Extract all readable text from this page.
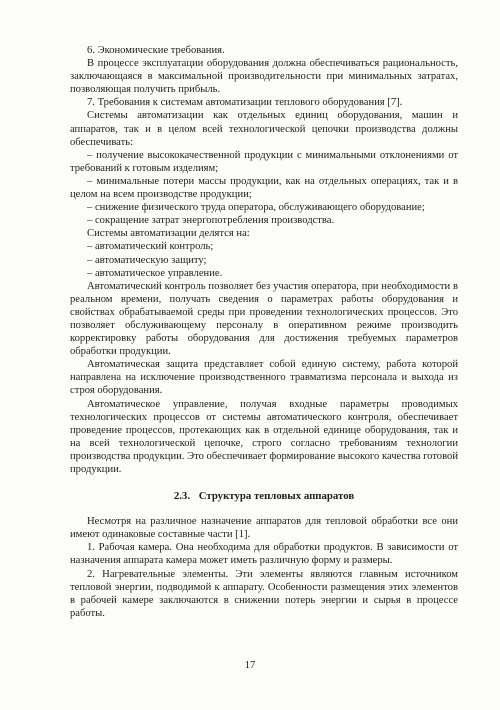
6. Экономические требования.

В процессе эксплуатации оборудования должна обеспечиваться рациональность, заключающаяся в максимальной производительности при минимальных затратах, позволяющая получить прибыль.

7. Требования к системам автоматизации теплового оборудования [7].

Системы автоматизации как отдельных единиц оборудования, машин и аппаратов, так и в целом всей технологической цепочки производства должны обеспечивать:

– получение высококачественной продукции с минимальными отклонениями от требований к готовым изделиям;

– минимальные потери массы продукции, как на отдельных операциях, так и в целом на всем производстве продукции;

– снижение физического труда оператора, обслуживающего оборудование;

– сокращение затрат энергопотребления производства.

Системы автоматизации делятся на:

– автоматический контроль;

– автоматическую защиту;

– автоматическое управление.

Автоматический контроль позволяет без участия оператора, при необходимости в реальном времени, получать сведения о параметрах работы оборудования и свойствах обрабатываемой среды при проведении технологических процессов. Это позволяет обслуживающему персоналу в оперативном режиме производить корректировку работы оборудования для достижения требуемых параметров обработки продукции.

Автоматическая защита представляет собой единую систему, работа которой направлена на исключение производственного травматизма персонала и выхода из строя оборудования.

Автоматическое управление, получая входные параметры проводимых технологических процессов от системы автоматического контроля, обеспечивает проведение процессов, протекающих как в отдельной единице оборудования, так и на всей технологической цепочке, строго согласно требованиям технологии производства продукции. Это обеспечивает формирование высокого качества готовой продукции.

2.3. Структура тепловых аппаратов

Несмотря на различное назначение аппаратов для тепловой обработки все они имеют одинаковые составные части [1].

1. Рабочая камера. Она необходима для обработки продуктов. В зависимости от назначения аппарата камера может иметь различную форму и размеры.

2. Нагревательные элементы. Эти элементы являются главным источником тепловой энергии, подводимой к аппарату. Особенности размещения этих элементов в рабочей камере заключаются в снижении потерь энергии и сырья в процессе работы.

17
